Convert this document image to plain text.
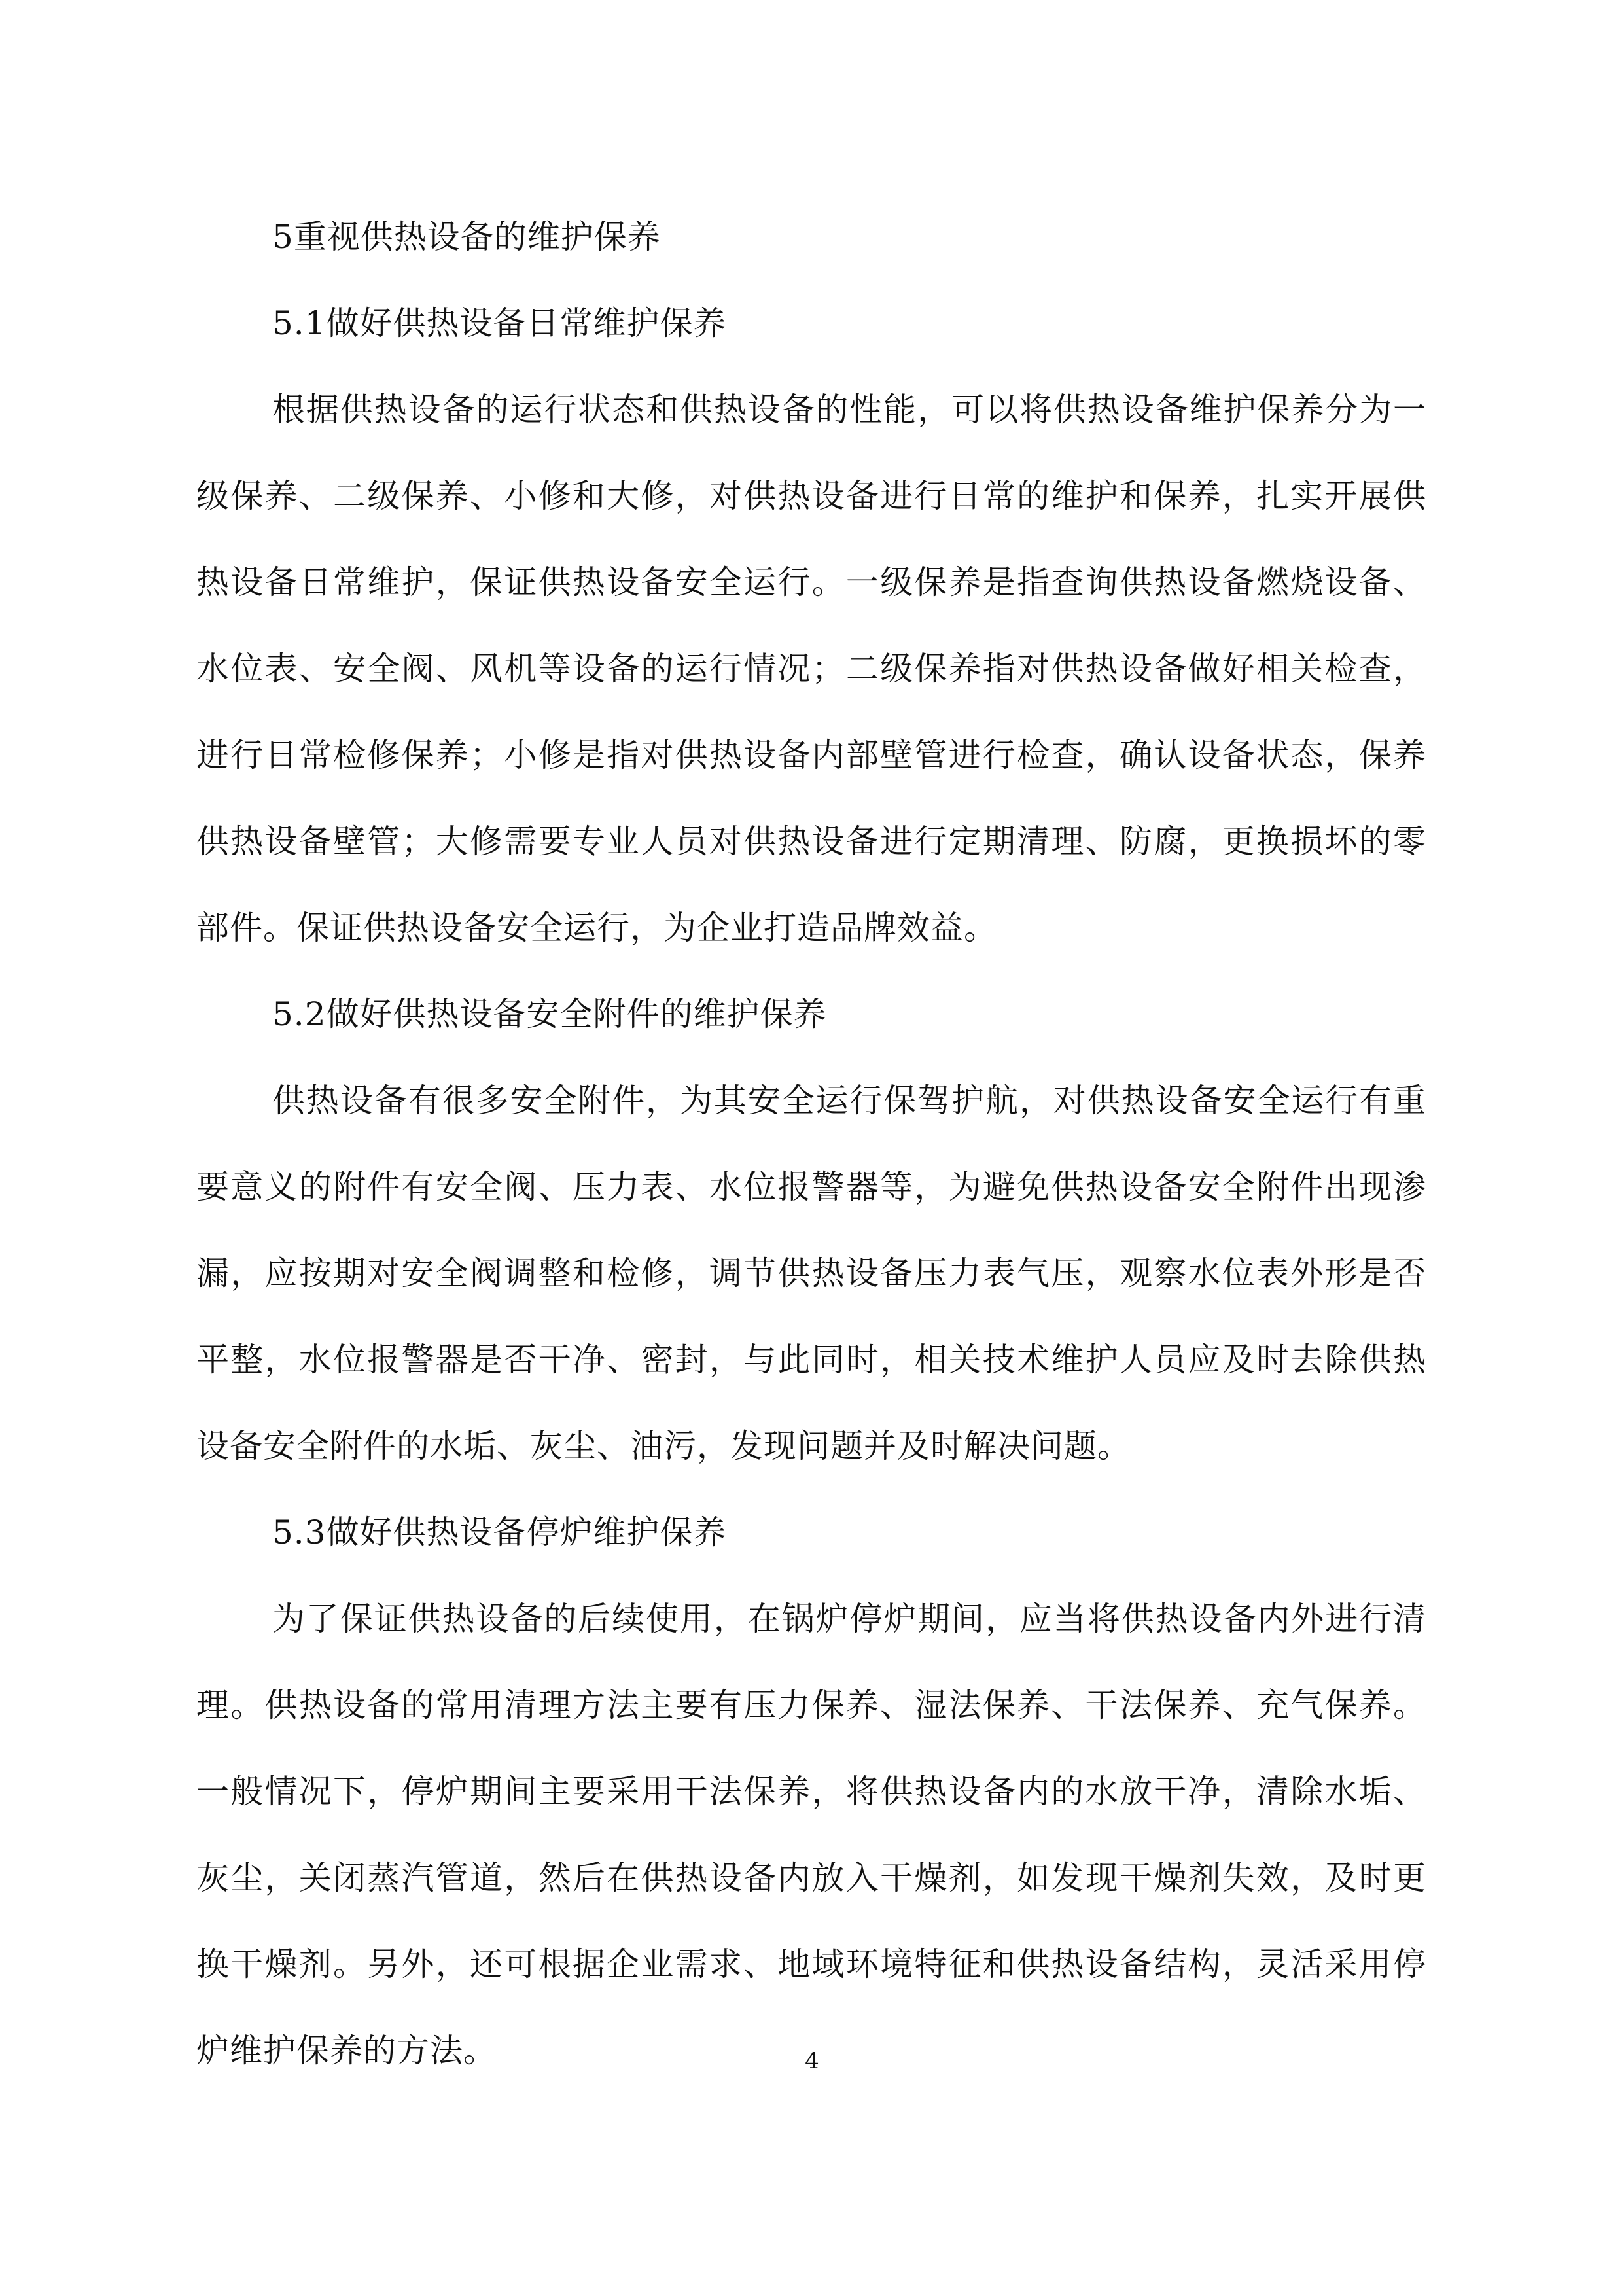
5重视供热设备的维护保养

5.1做好供热设备日常维护保养

根据供热设备的运行状态和供热设备的性能，可以将供热设备维护保养分为一级保养、二级保养、小修和大修，对供热设备进行日常的维护和保养，扎实开展供热设备日常维护，保证供热设备安全运行。一级保养是指查询供热设备燃烧设备、水位表、安全阀、风机等设备的运行情况；二级保养指对供热设备做好相关检查，进行日常检修保养；小修是指对供热设备内部壁管进行检查，确认设备状态，保养供热设备壁管；大修需要专业人员对供热设备进行定期清理、防腐，更换损坏的零部件。保证供热设备安全运行，为企业打造品牌效益。

5.2做好供热设备安全附件的维护保养

供热设备有很多安全附件，为其安全运行保驾护航，对供热设备安全运行有重要意义的附件有安全阀、压力表、水位报警器等，为避免供热设备安全附件出现渗漏，应按期对安全阀调整和检修，调节供热设备压力表气压，观察水位表外形是否平整，水位报警器是否干净、密封，与此同时，相关技术维护人员应及时去除供热设备安全附件的水垢、灰尘、油污，发现问题并及时解决问题。

5.3做好供热设备停炉维护保养

为了保证供热设备的后续使用，在锅炉停炉期间，应当将供热设备内外进行清理。供热设备的常用清理方法主要有压力保养、湿法保养、干法保养、充气保养。一般情况下，停炉期间主要采用干法保养，将供热设备内的水放干净，清除水垢、灰尘，关闭蒸汽管道，然后在供热设备内放入干燥剂，如发现干燥剂失效，及时更换干燥剂。另外，还可根据企业需求、地域环境特征和供热设备结构，灵活采用停炉维护保养的方法。	4
